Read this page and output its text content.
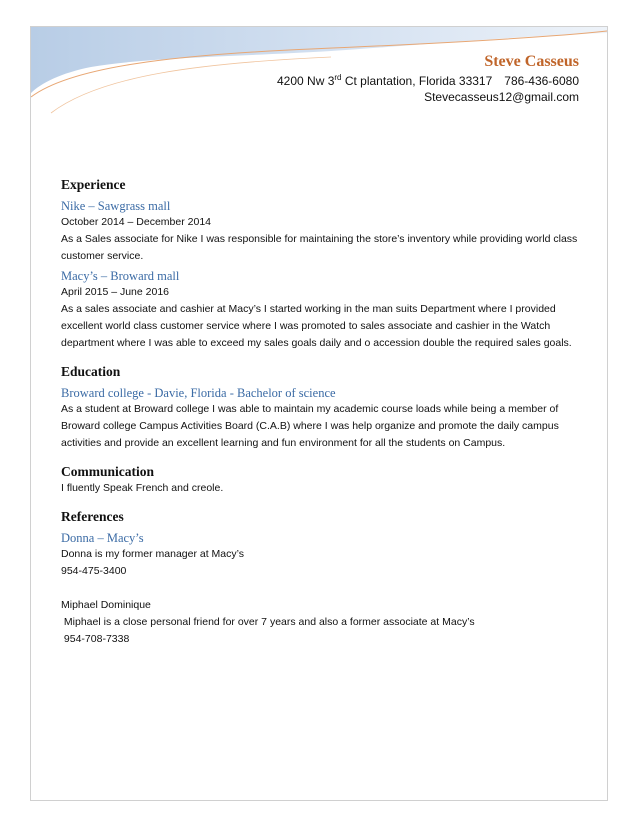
Steve Casseus
4200 Nw 3rd Ct plantation, Florida 33317 786-436-6080
Stevecasseus12@gmail.com
Experience
Nike – Sawgrass mall

October 2014 – December 2014

As a Sales associate for Nike I was responsible for maintaining the store’s inventory while providing world class customer service.

Macy’s – Broward mall

April 2015 – June 2016

As a sales associate and cashier at Macy’s I started working in the man suits Department where I provided excellent world class customer service where I was promoted to sales associate and cashier in the Watch department where I was able to exceed my sales goals daily and o accession double the required sales goals.

Education
Broward college - Davie, Florida - Bachelor of science

As a student at Broward college I was able to maintain my academic course loads while being a member of Broward college Campus Activities Board (C.A.B) where I was help organize and promote the daily campus activities and provide an excellent learning and fun environment for all the students on Campus.

Communication

I fluently Speak French and creole.

References
Donna – Macy’s

Donna is my former manager at Macy’s

954-475-3400

Miphael Dominique

Miphael is a close personal friend for over 7 years and also a former associate at Macy’s

954-708-7338
